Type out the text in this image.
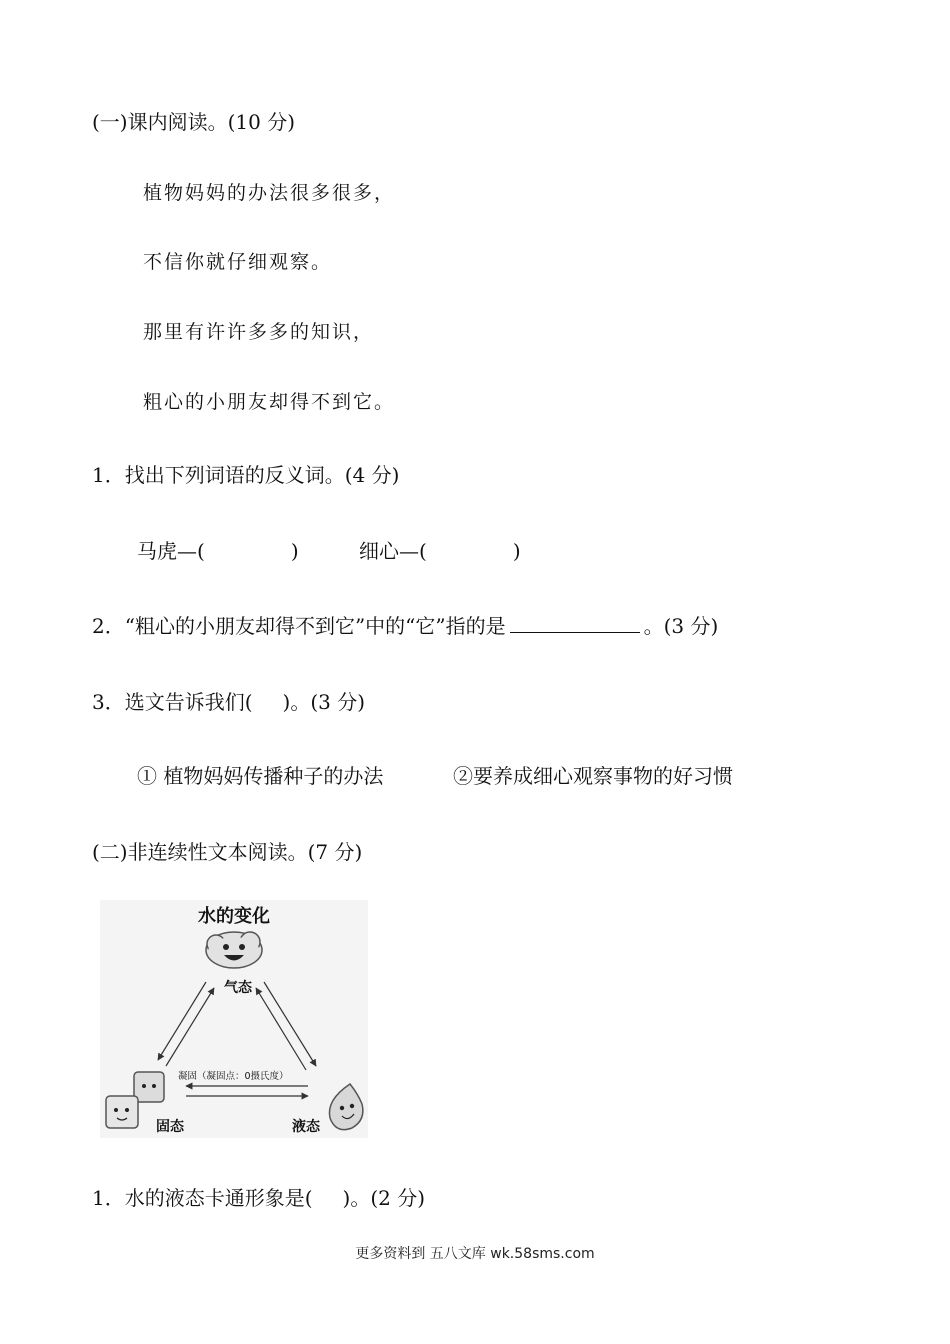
(一)课内阅读。(10 分)
植物妈妈的办法很多很多，
不信你就仔细观察。
那里有许许多多的知识，
粗心的小朋友却得不到它。
1．找出下列词语的反义词。(4 分)
马虎—(	)	细心—(	)
2．“粗心的小朋友却得不到它”中的“它”指的是	。(3 分)
3．选文告诉我们( )。(3 分)
① 植物妈妈传播种子的办法	②要养成细心观察事物的好习惯
(二)非连续性文本阅读。(7 分)
水的变化
气态
凝固（凝固点：0摄氏度）
固态	液态
1．水的液态卡通形象是( )。(2 分)
更多资料到 五八文库 wk.58sms.com
